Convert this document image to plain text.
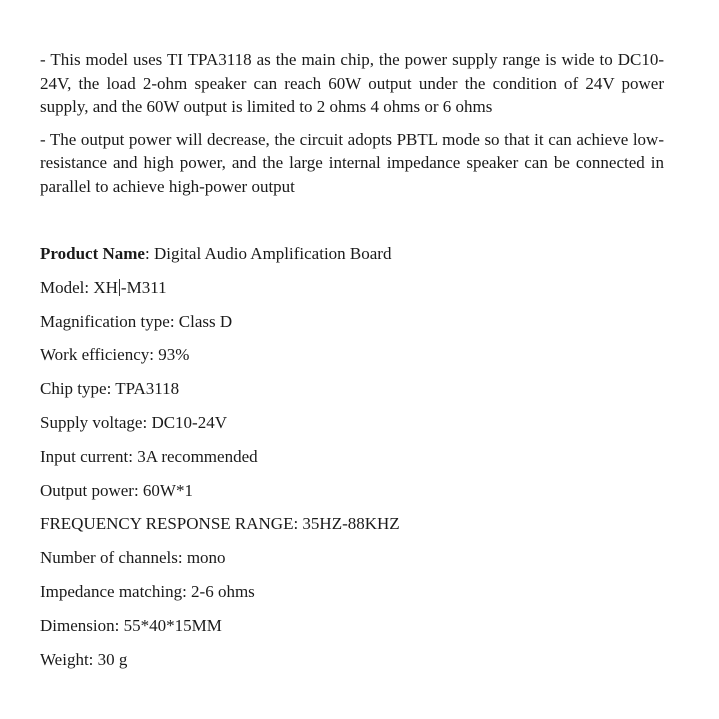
- This model uses TI TPA3118 as the main chip, the power supply range is wide to DC10-24V, the load 2-ohm speaker can reach 60W output under the condition of 24V power supply, and the 60W output is limited to 2 ohms 4 ohms or 6 ohms

- The output power will decrease, the circuit adopts PBTL mode so that it can achieve low-resistance and high power, and the large internal impedance speaker can be connected in parallel to achieve high-power output

Product Name: Digital Audio Amplification Board
Model: XH -M311
Magnification type: Class D
Work efficiency: 93%
Chip type: TPA3118
Supply voltage: DC10-24V
Input current: 3A recommended
Output power: 60W*1
FREQUENCY RESPONSE RANGE: 35HZ-88KHZ
Number of channels: mono
Impedance matching: 2-6 ohms
Dimension: 55*40*15MM
Weight: 30 g
